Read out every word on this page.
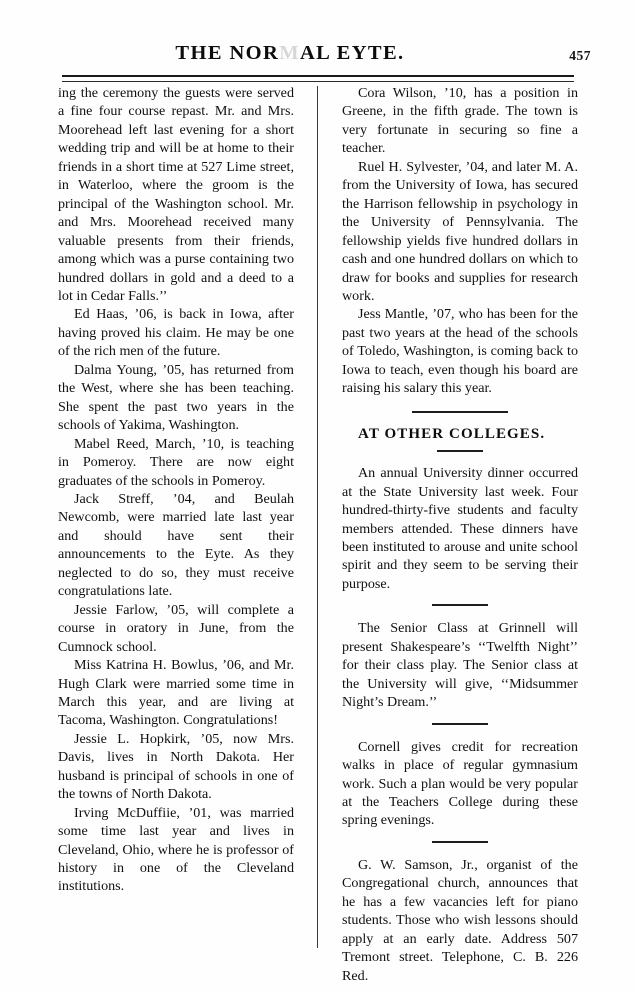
THE NORMAL EYTE.	457

ing the ceremony the guests were served a fine four course repast. Mr. and Mrs. Moorehead left last evening for a short wedding trip and will be at home to their friends in a short time at 527 Lime street, in Waterloo, where the groom is the principal of the Washington school. Mr. and Mrs. Moorehead received many valuable presents from their friends, among which was a purse containing two hundred dollars in gold and a deed to a lot in Cedar Falls.’’

Ed Haas, ’06, is back in Iowa, after having proved his claim. He may be one of the rich men of the future.

Dalma Young, ’05, has returned from the West, where she has been teaching. She spent the past two years in the schools of Yakima, Washington.

Mabel Reed, March, ’10, is teaching in Pomeroy. There are now eight graduates of the schools in Pomeroy.

Jack Streff, ’04, and Beulah Newcomb, were married late last year and should have sent their announcements to the Eyte. As they neglected to do so, they must receive congratulations late.

Jessie Farlow, ’05, will complete a course in oratory in June, from the Cumnock school.

Miss Katrina H. Bowlus, ’06, and Mr. Hugh Clark were married some time in March this year, and are living at Tacoma, Washington. Congratulations!

Jessie L. Hopkirk, ’05, now Mrs. Davis, lives in North Dakota. Her husband is principal of schools in one of the towns of North Dakota.

Irving McDuffiie, ’01, was married some time last year and lives in Cleveland, Ohio, where he is professor of history in one of the Cleveland institutions.

Cora Wilson, ’10, has a position in Greene, in the fifth grade. The town is very fortunate in securing so fine a teacher.

Ruel H. Sylvester, ’04, and later M. A. from the University of Iowa, has secured the Harrison fellowship in psychology in the University of Pennsylvania. The fellowship yields five hundred dollars in cash and one hundred dollars on which to draw for books and supplies for research work.

Jess Mantle, ’07, who has been for the past two years at the head of the schools of Toledo, Washington, is coming back to Iowa to teach, even though his board are raising his salary this year.

AT OTHER COLLEGES.

An annual University dinner occurred at the State University last week. Four hundred-thirty-five students and faculty members attended. These dinners have been instituted to arouse and unite school spirit and they seem to be serving their purpose.

The Senior Class at Grinnell will present Shakespeare’s ‘‘Twelfth Night’’ for their class play. The Senior class at the University will give, ‘‘Midsummer Night’s Dream.’’

Cornell gives credit for recreation walks in place of regular gymnasium work. Such a plan would be very popular at the Teachers College during these spring evenings.

G. W. Samson, Jr., organist of the Congregational church, announces that he has a few vacancies left for piano students. Those who wish lessons should apply at an early date. Address 507 Tremont street. Telephone, C. B. 226 Red.
